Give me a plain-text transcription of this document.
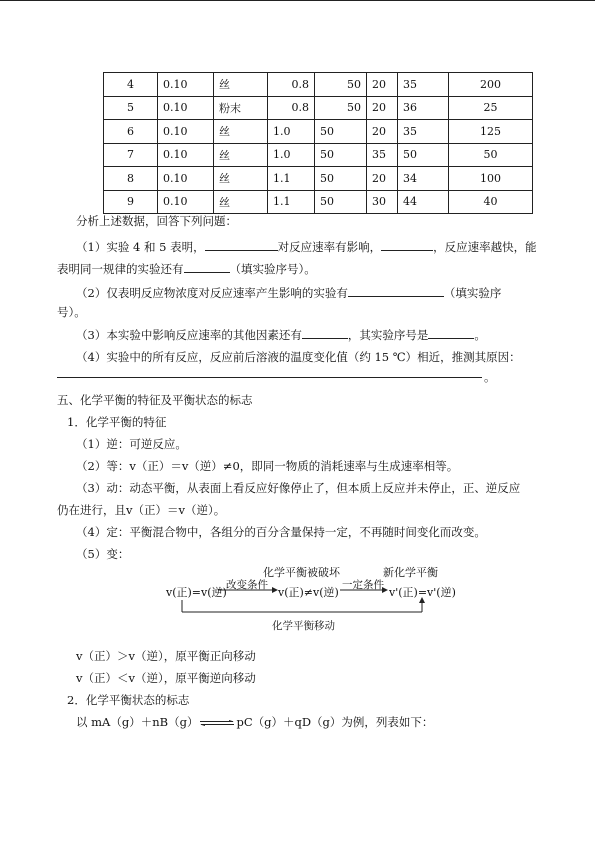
4	0.10	丝	0.8	50	20	35	200
5	0.10	粉末	0.8	50	20	36	25
6	0.10	丝	1.0	50	20	35	125
7	0.10	丝	1.0	50	35	50	50
8	0.10	丝	1.1	50	20	34	100
9	0.10	丝	1.1	50	30	44	40
分析上述数据，回答下列问题：
（1）实验 4 和 5 表明，	对反应速率有影响，	，反应速率越快，能
表明同一规律的实验还有	（填实验序号）。
（2）仅表明反应物浓度对反应速率产生影响的实验有	（填实验序
号）。
（3）本实验中影响反应速率的其他因素还有	，其实验序号是	。
（4）实验中的所有反应，反应前后溶液的温度变化值（约 15 ℃）相近，推测其原因：
。
五、化学平衡的特征及平衡状态的标志
1．化学平衡的特征
（1）逆：可逆反应。
（2）等：v（正）＝v（逆）≠0，即同一物质的消耗速率与生成速率相等。
（3）动：动态平衡，从表面上看反应好像停止了，但本质上反应并未停止，正、逆反应
仍在进行，且v（正）＝v（逆）。
（4）定：平衡混合物中，各组分的百分含量保持一定，不再随时间变化而改变。
（5）变：
化学平衡被破坏	新化学平衡
v(正)=v(逆)
改变条件
v(正)≠v(逆)
一定条件
v'(正)=v'(逆)
化学平衡移动
v（正）＞v（逆），原平衡正向移动
v（正）＜v（逆），原平衡逆向移动
2．化学平衡状态的标志
以 mA（g）＋nB（g） ⇌ pC（g）＋qD（g）为例，列表如下：
